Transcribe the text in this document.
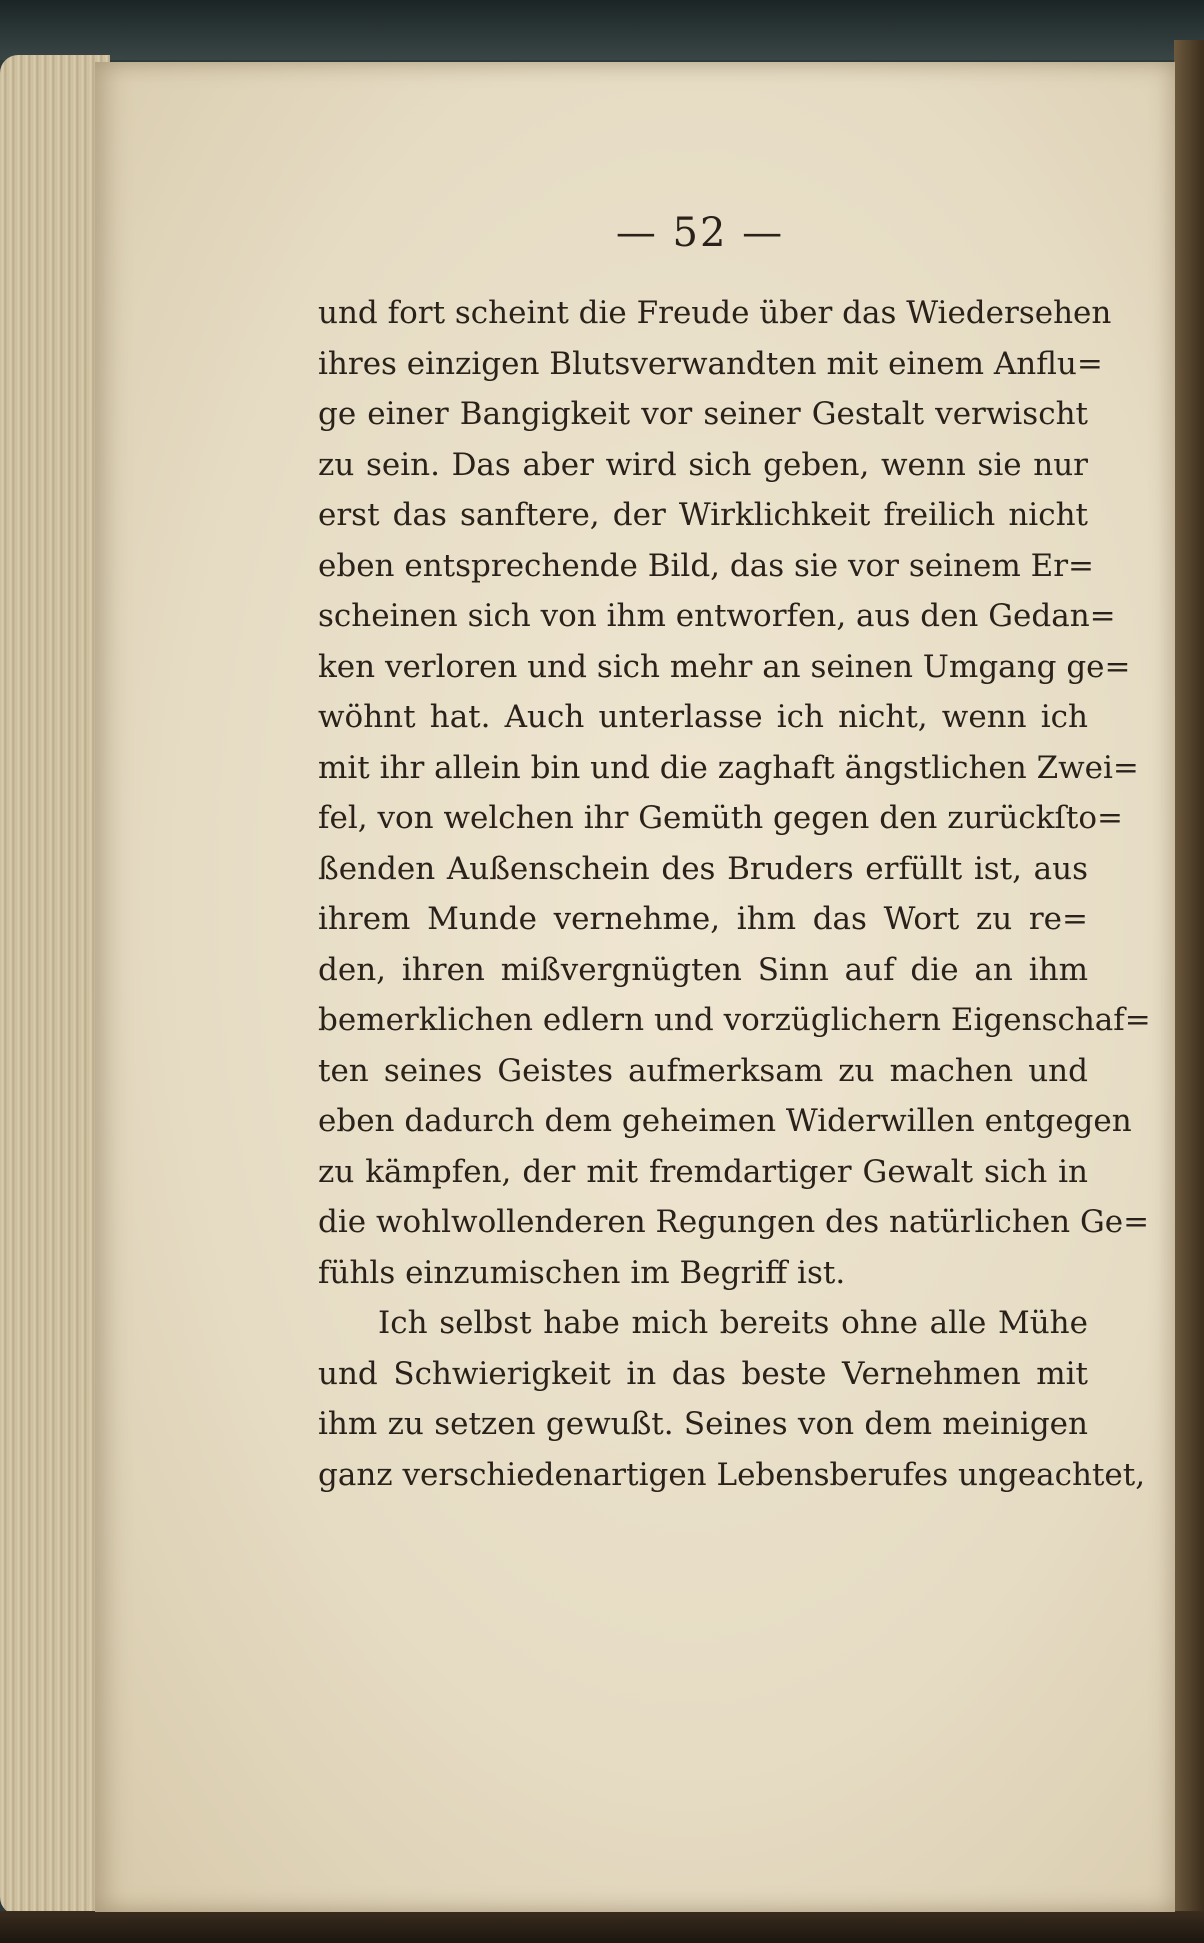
— 52 —
und fort scheint die Freude über das Wiedersehen
ihres einzigen Blutsverwandten mit einem Anflu=
ge einer Bangigkeit vor seiner Gestalt verwischt
zu sein. Das aber wird sich geben, wenn sie nur
erst das sanftere, der Wirklichkeit freilich nicht
eben entsprechende Bild, das sie vor seinem Er=
scheinen sich von ihm entworfen, aus den Gedan=
ken verloren und sich mehr an seinen Umgang ge=
wöhnt hat. Auch unterlasse ich nicht, wenn ich
mit ihr allein bin und die zaghaft ängstlichen Zwei=
fel, von welchen ihr Gemüth gegen den zurückſto=
ßenden Außenschein des Bruders erfüllt ist, aus
ihrem Munde vernehme, ihm das Wort zu re=
den, ihren mißvergnügten Sinn auf die an ihm
bemerklichen edlern und vorzüglichern Eigenschaf=
ten seines Geistes aufmerksam zu machen und
eben dadurch dem geheimen Widerwillen entgegen
zu kämpfen, der mit fremdartiger Gewalt sich in
die wohlwollenderen Regungen des natürlichen Ge=
fühls einzumischen im Begriff ist.
Ich selbst habe mich bereits ohne alle Mühe
und Schwierigkeit in das beste Vernehmen mit
ihm zu setzen gewußt. Seines von dem meinigen
ganz verschiedenartigen Lebensberufes ungeachtet,
